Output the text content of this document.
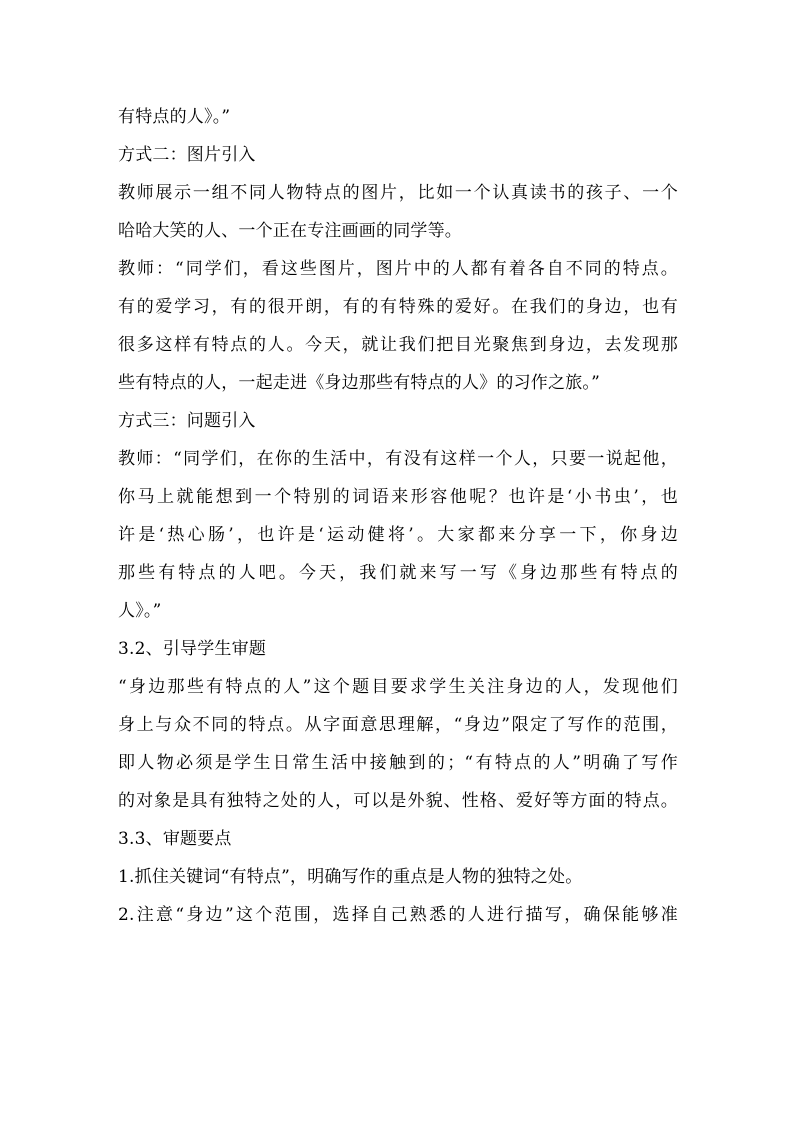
有特点的人》。”
方式二：图片引入
教师展示一组不同人物特点的图片，比如一个认真读书的孩子、一个
哈哈大笑的人、一个正在专注画画的同学等。
教师：“同学们，看这些图片，图片中的人都有着各自不同的特点。
有的爱学习，有的很开朗，有的有特殊的爱好。在我们的身边，也有
很多这样有特点的人。今天，就让我们把目光聚焦到身边，去发现那
些有特点的人，一起走进《身边那些有特点的人》的习作之旅。”
方式三：问题引入
教师：“同学们，在你的生活中，有没有这样一个人，只要一说起他，
你马上就能想到一个特别的词语来形容他呢？也许是‘小书虫’，也
许是‘热心肠’，也许是‘运动健将’。大家都来分享一下，你身边
那些有特点的人吧。今天，我们就来写一写《身边那些有特点的
人》。”
3.2、引导学生审题
“身边那些有特点的人”这个题目要求学生关注身边的人，发现他们
身上与众不同的特点。从字面意思理解，“身边”限定了写作的范围，
即人物必须是学生日常生活中接触到的；“有特点的人”明确了写作
的对象是具有独特之处的人，可以是外貌、性格、爱好等方面的特点。
3.3、审题要点
1.抓住关键词“有特点”，明确写作的重点是人物的独特之处。
2.注意“身边”这个范围，选择自己熟悉的人进行描写，确保能够准
